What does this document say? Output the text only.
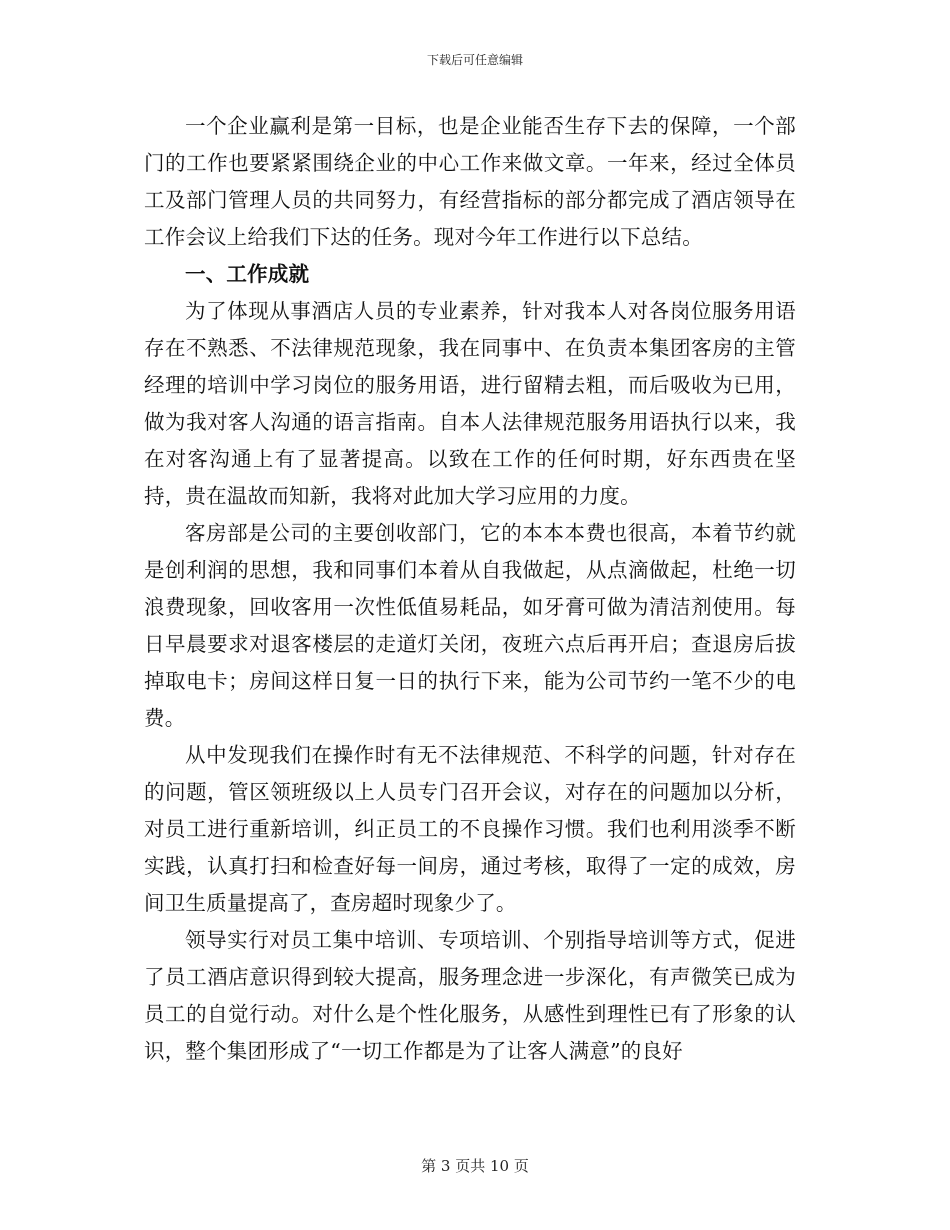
下载后可任意编辑

一个企业赢利是第一目标，也是企业能否生存下去的保障，一个部门的工作也要紧紧围绕企业的中心工作来做文章。一年来，经过全体员工及部门管理人员的共同努力，有经营指标的部分都完成了酒店领导在工作会议上给我们下达的任务。现对今年工作进行以下总结。

一、工作成就

为了体现从事酒店人员的专业素养，针对我本人对各岗位服务用语存在不熟悉、不法律规范现象，我在同事中、在负责本集团客房的主管经理的培训中学习岗位的服务用语，进行留精去粗，而后吸收为已用，做为我对客人沟通的语言指南。自本人法律规范服务用语执行以来，我在对客沟通上有了显著提高。以致在工作的任何时期，好东西贵在坚持，贵在温故而知新，我将对此加大学习应用的力度。

客房部是公司的主要创收部门，它的本本本费也很高，本着节约就是创利润的思想，我和同事们本着从自我做起，从点滴做起，杜绝一切浪费现象，回收客用一次性低值易耗品，如牙膏可做为清洁剂使用。每日早晨要求对退客楼层的走道灯关闭，夜班六点后再开启；查退房后拔掉取电卡；房间这样日复一日的执行下来，能为公司节约一笔不少的电费。

从中发现我们在操作时有无不法律规范、不科学的问题，针对存在的问题，管区领班级以上人员专门召开会议，对存在的问题加以分析，对员工进行重新培训，纠正员工的不良操作习惯。我们也利用淡季不断实践，认真打扫和检查好每一间房，通过考核，取得了一定的成效，房间卫生质量提高了，查房超时现象少了。

领导实行对员工集中培训、专项培训、个别指导培训等方式，促进了员工酒店意识得到较大提高，服务理念进一步深化，有声微笑已成为员工的自觉行动。对什么是个性化服务，从感性到理性已有了形象的认识，整个集团形成了“一切工作都是为了让客人满意”的良好

第 3 页共 10 页
